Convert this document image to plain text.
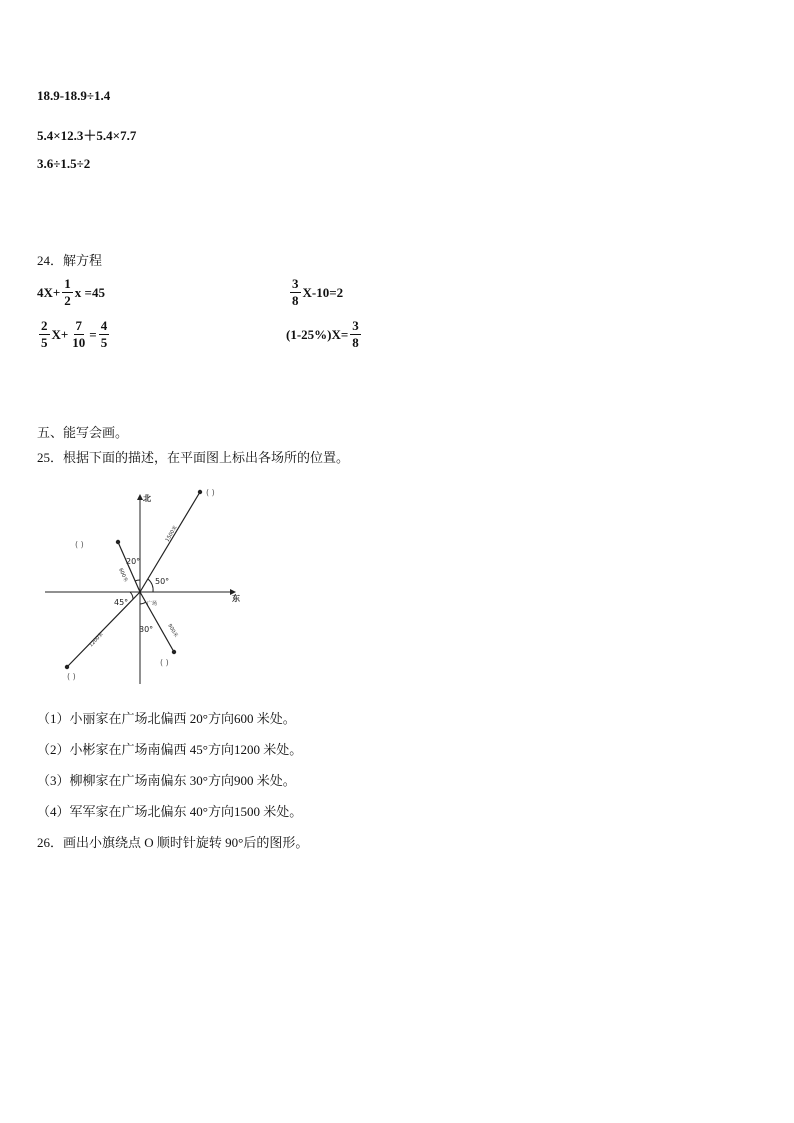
18.9-18.9÷1.4
5.4×12.3＋5.4×7.7
3.6÷1.5÷2
24．解方程
$4X+ \frac{1}{2}$ x =45	$\frac{3}{8} X-10=2$
$\frac{2}{5} X+ \frac{7}{10} = \frac{4}{5}$	$(1-25\%)X= \frac{3}{8}$
五、能写会画。
25．根据下面的描述，在平面图上标出各场所的位置。
北
东
20°
50°
45°
30°
广场
1500米
600米
1200米
900米
( )
( )
( )
( )
（1）小丽家在广场北偏西 20°方向600 米处。
（2）小彬家在广场南偏西 45°方向1200 米处。
（3）柳柳家在广场南偏东 30°方向900 米处。
（4）军军家在广场北偏东 40°方向1500 米处。
26．画出小旗绕点 O 顺时针旋转 90°后的图形。
